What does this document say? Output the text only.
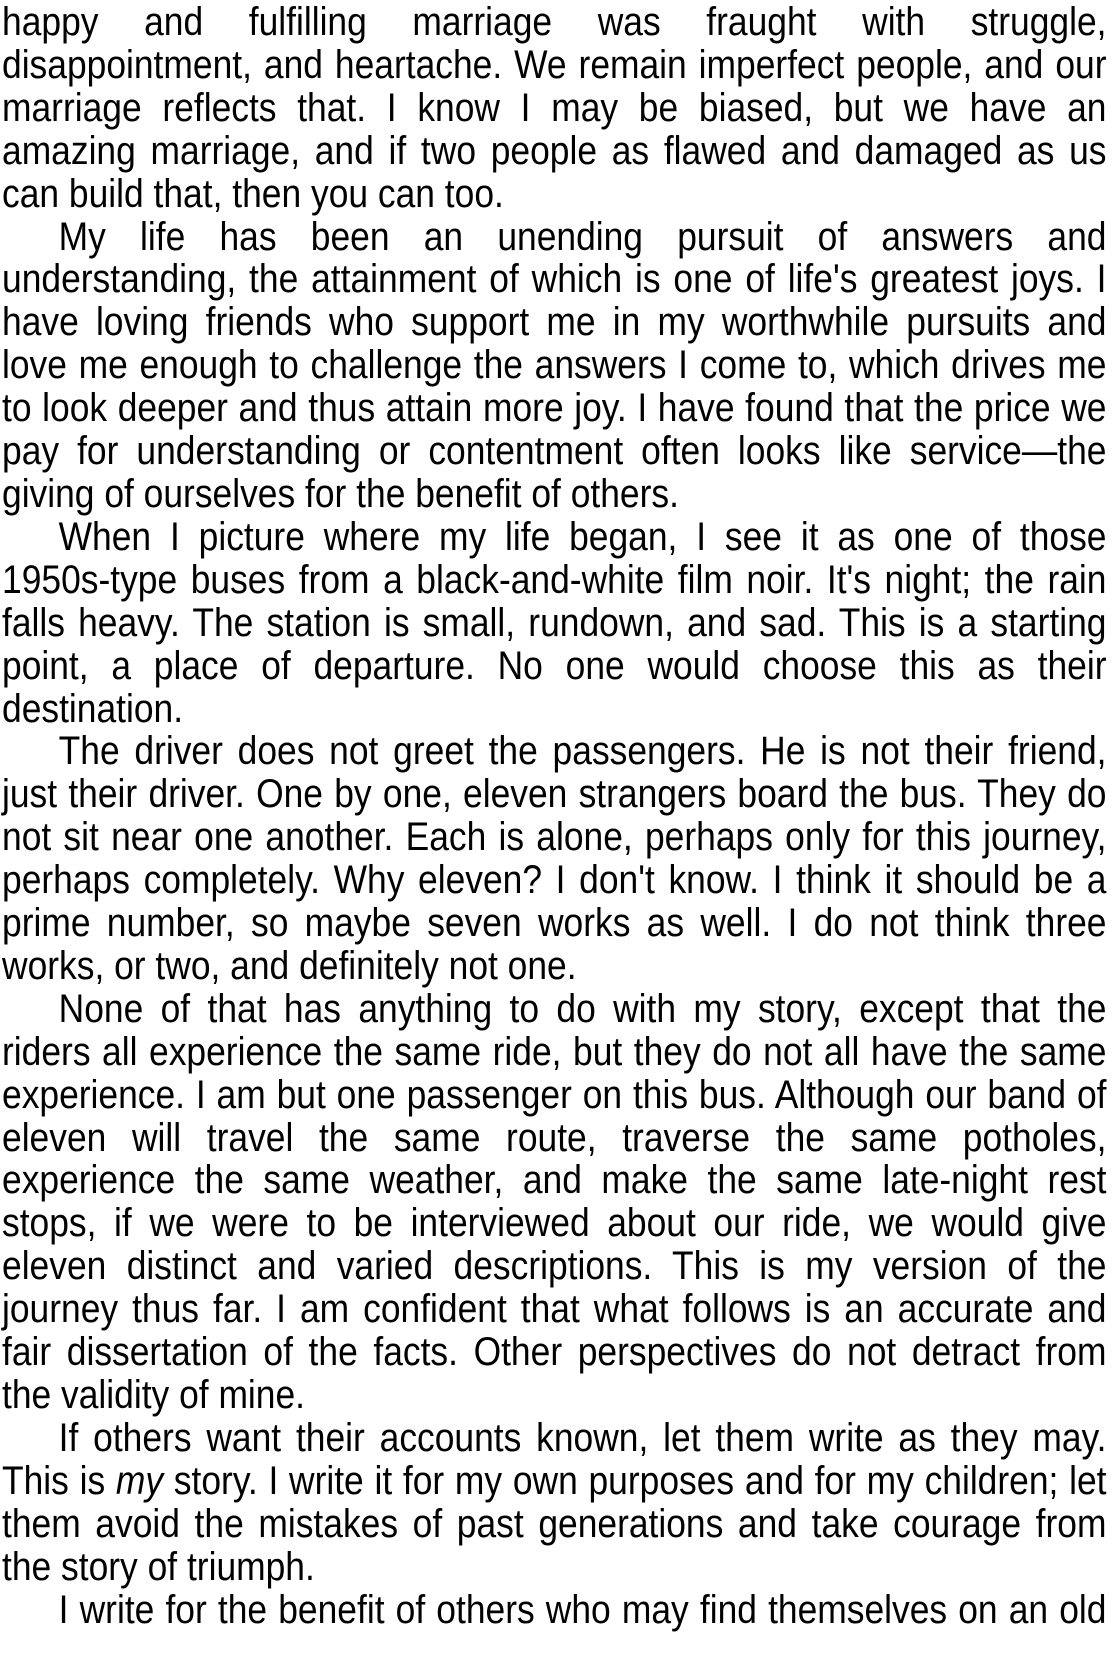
happy and fulfilling marriage was fraught with struggle, disappointment, and heartache. We remain imperfect people, and our marriage reflects that. I know I may be biased, but we have an amazing marriage, and if two people as flawed and damaged as us can build that, then you can too.

My life has been an unending pursuit of answers and understanding, the attainment of which is one of life's greatest joys. I have loving friends who support me in my worthwhile pursuits and love me enough to challenge the answers I come to, which drives me to look deeper and thus attain more joy. I have found that the price we pay for understanding or contentment often looks like service—the giving of ourselves for the benefit of others.

When I picture where my life began, I see it as one of those 1950s-type buses from a black-and-white film noir. It's night; the rain falls heavy. The station is small, rundown, and sad. This is a starting point, a place of departure. No one would choose this as their destination.

The driver does not greet the passengers. He is not their friend, just their driver. One by one, eleven strangers board the bus. They do not sit near one another. Each is alone, perhaps only for this journey, perhaps completely. Why eleven? I don't know. I think it should be a prime number, so maybe seven works as well. I do not think three works, or two, and definitely not one.

None of that has anything to do with my story, except that the riders all experience the same ride, but they do not all have the same experience. I am but one passenger on this bus. Although our band of eleven will travel the same route, traverse the same potholes, experience the same weather, and make the same late-night rest stops, if we were to be interviewed about our ride, we would give eleven distinct and varied descriptions. This is my version of the journey thus far. I am confident that what follows is an accurate and fair dissertation of the facts. Other perspectives do not detract from the validity of mine.

If others want their accounts known, let them write as they may. This is my story. I write it for my own purposes and for my children; let them avoid the mistakes of past generations and take courage from the story of triumph.

I write for the benefit of others who may find themselves on an old
